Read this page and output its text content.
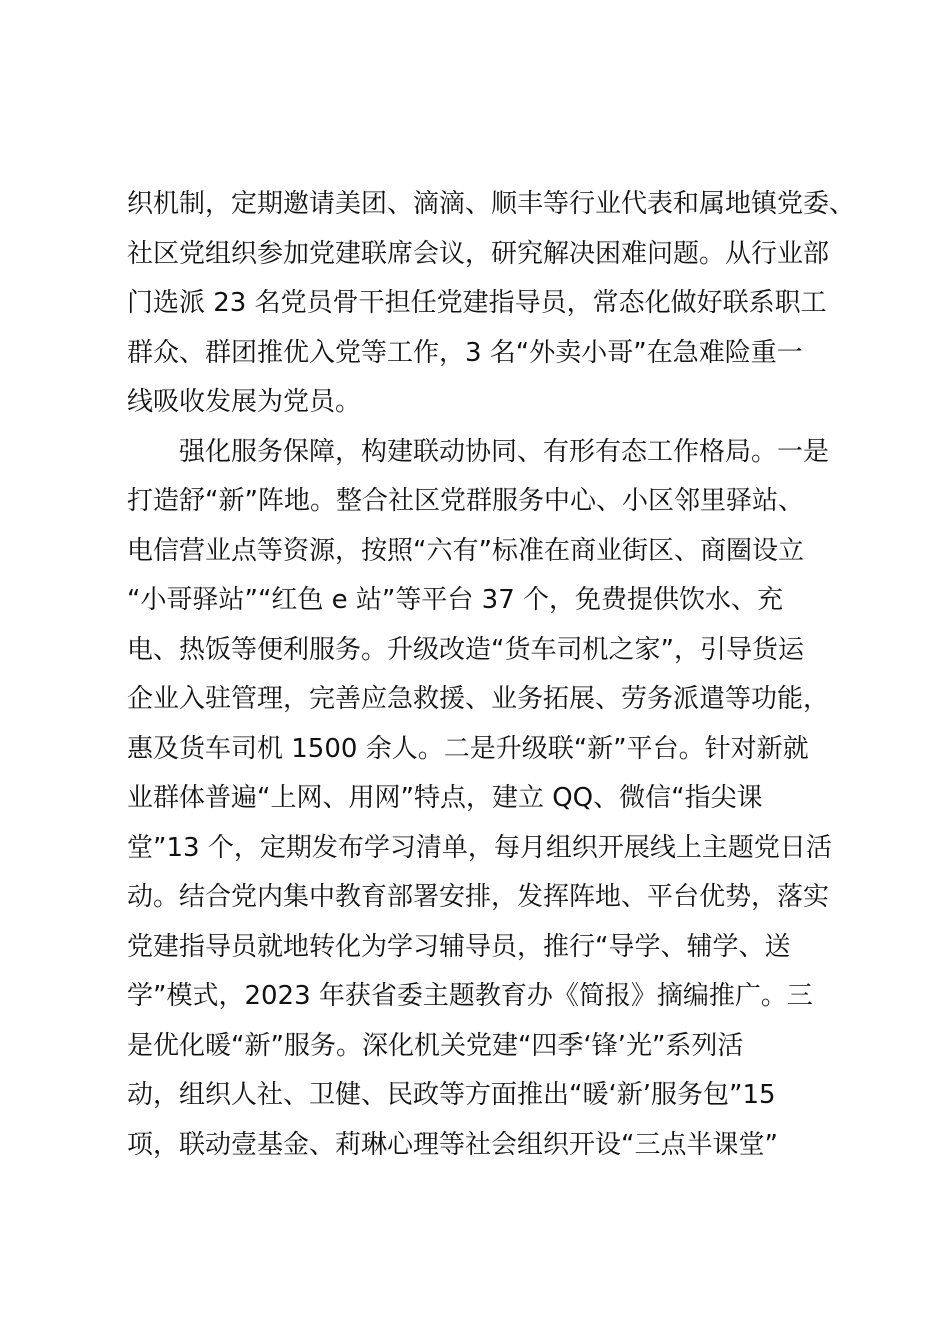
织机制，定期邀请美团、滴滴、顺丰等行业代表和属地镇党委、
社区党组织参加党建联席会议，研究解决困难问题。从行业部
门选派 23 名党员骨干担任党建指导员，常态化做好联系职工
群众、群团推优入党等工作，3 名“外卖小哥”在急难险重一
线吸收发展为党员。
强化服务保障，构建联动协同、有形有态工作格局。一是
打造舒“新”阵地。整合社区党群服务中心、小区邻里驿站、
电信营业点等资源，按照“六有”标准在商业街区、商圈设立
“小哥驿站”“红色 e 站”等平台 37 个，免费提供饮水、充
电、热饭等便利服务。升级改造“货车司机之家”，引导货运
企业入驻管理，完善应急救援、业务拓展、劳务派遣等功能，
惠及货车司机 1500 余人。二是升级联“新”平台。针对新就
业群体普遍“上网、用网”特点，建立 QQ、微信“指尖课
堂”13 个，定期发布学习清单，每月组织开展线上主题党日活
动。结合党内集中教育部署安排，发挥阵地、平台优势，落实
党建指导员就地转化为学习辅导员，推行“导学、辅学、送
学”模式，2023 年获省委主题教育办《简报》摘编推广。三
是优化暖“新”服务。深化机关党建“四季‘锋’光”系列活
动，组织人社、卫健、民政等方面推出“暖‘新’服务包”15
项，联动壹基金、莉琳心理等社会组织开设“三点半课堂”
